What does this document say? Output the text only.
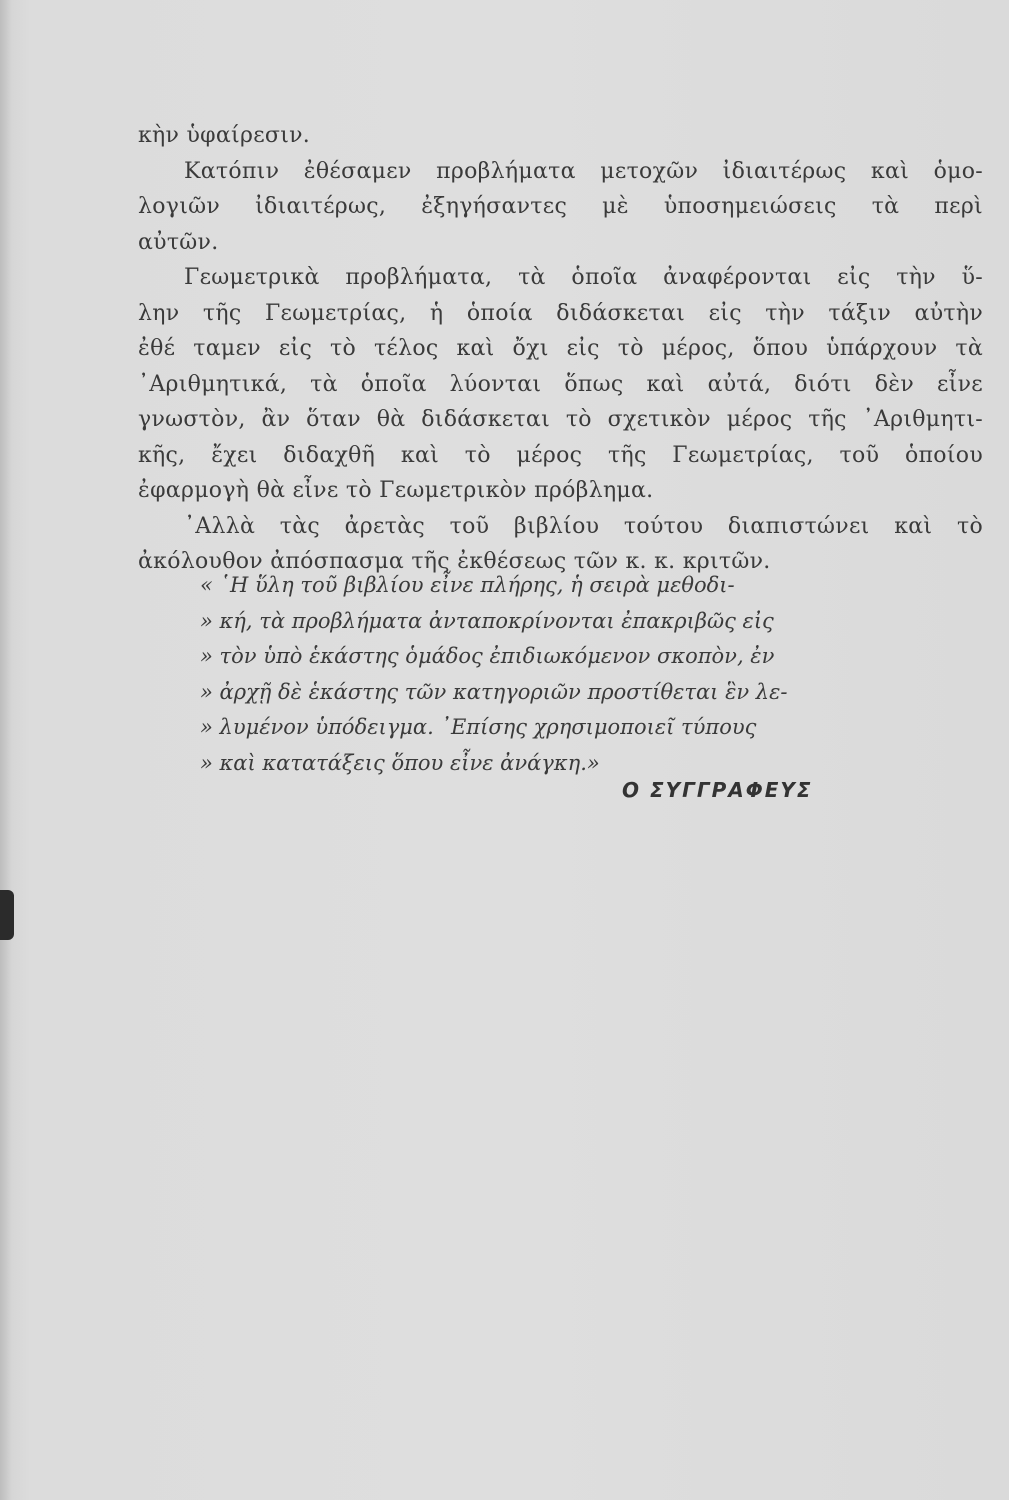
κὴν ὑφαίρεσιν.
Κατόπιν ἐθέσαμεν προβλήματα μετοχῶν ἰδιαιτέρως καὶ ὁμο-
λογιῶν ἰδιαιτέρως, ἐξηγήσαντες μὲ ὑποσημειώσεις τὰ περὶ
αὐτῶν.
Γεωμετρικὰ προβλήματα, τὰ ὁποῖα ἀναφέρονται εἰς τὴν ὕ-
λην τῆς Γεωμετρίας, ἡ ὁποία διδάσκεται εἰς τὴν τάξιν αὐτὴν
ἐθέ ταμεν εἰς τὸ τέλος καὶ ὄχι εἰς τὸ μέρος, ὅπου ὑπάρχουν τὰ
᾿Αριθμητικά, τὰ ὁποῖα λύονται ὅπως καὶ αὐτά, διότι δὲν εἶνε
γνωστὸν, ἂν ὅταν θὰ διδάσκεται τὸ σχετικὸν μέρος τῆς ᾿Αριθμητι-
κῆς, ἔχει διδαχθῆ καὶ τὸ μέρος τῆς Γεωμετρίας, τοῦ ὁποίου
ἐφαρμογὴ θὰ εἶνε τὸ Γεωμετρικὸν πρόβλημα.
᾿Αλλὰ τὰς ἀρετὰς τοῦ βιβλίου τούτου διαπιστώνει καὶ τὸ
ἀκόλουθον ἀπόσπασμα τῆς ἐκθέσεως τῶν κ. κ. κριτῶν.
« ῾Η ὕλη τοῦ βιβλίου εἶνε πλήρης, ἡ σειρὰ μεθοδι-
» κή, τὰ προβλήματα ἀνταποκρίνονται ἐπακριβῶς εἰς
» τὸν ὑπὸ ἑκάστης ὁμάδος ἐπιδιωκόμενον σκοπὸν, ἐν
» ἀρχῇ δὲ ἑκάστης τῶν κατηγοριῶν προστίθεται ἓν λε-
» λυμένον ὑπόδειγμα. ᾿Επίσης χρησιμοποιεῖ τύπους
» καὶ κατατάξεις ὅπου εἶνε ἀνάγκη.»
Ο ΣΥΓΓΡΑΦΕΥΣ
